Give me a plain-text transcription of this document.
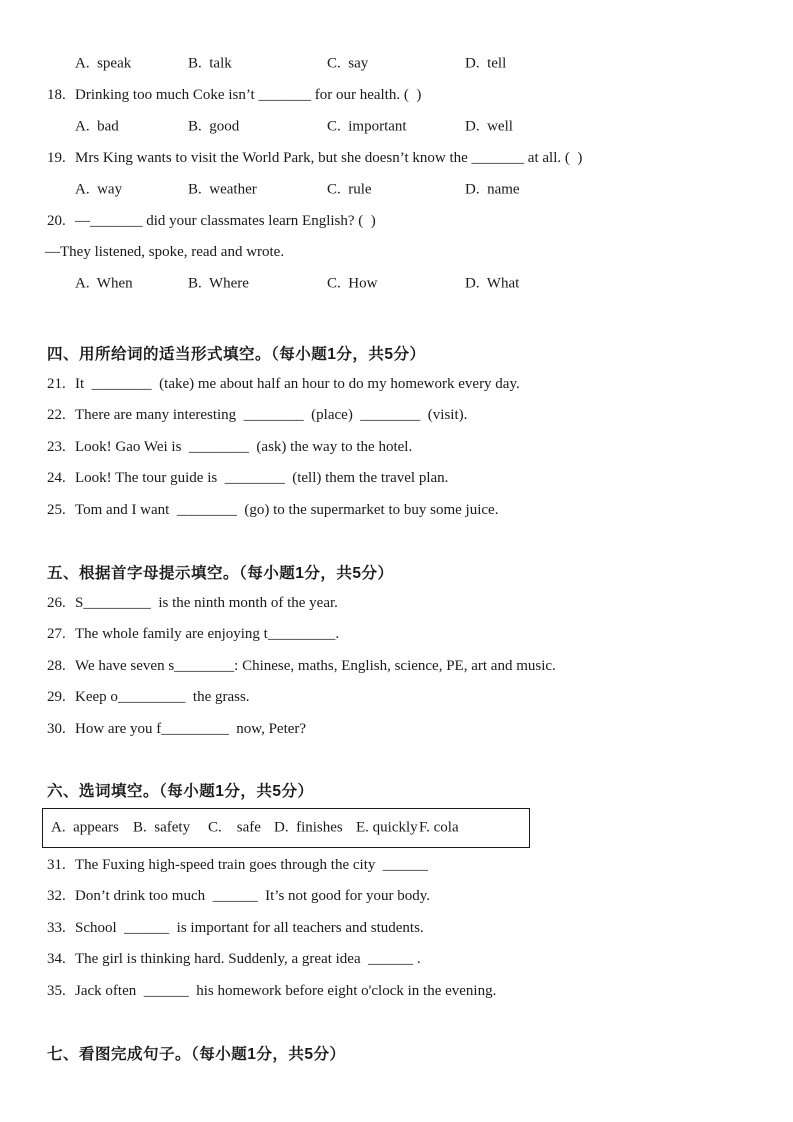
A.  speak	B.  talk	C.  say	D.  tell
18. Drinking too much Coke isn’t _______ for our health. (  )
A.  bad	B.  good	C.  important	D.  well
19. Mrs King wants to visit the World Park, but she doesn’t know the _______ at all. (  )
A.  way	B.  weather	C.  rule	D.  name
20. —_______ did your classmates learn English? (  )
—They listened, spoke, read and wrote.
A.  When	B.  Where	C.  How	D.  What
四、用所给词的适当形式填空。（每小题1分，共5分）
21. It  ________  (take) me about half an hour to do my homework every day.
22. There are many interesting  ________  (place)  ________  (visit).
23. Look! Gao Wei is  ________  (ask) the way to the hotel.
24. Look! The tour guide is  ________  (tell) them the travel plan.
25. Tom and I want  ________  (go) to the supermarket to buy some juice.
五、根据首字母提示填空。（每小题1分，共5分）
26. S_________  is the ninth month of the year.
27. The whole family are enjoying t_________.
28. We have seven s________: Chinese, maths, English, science, PE, art and music.
29. Keep o_________  the grass.
30. How are you f_________  now, Peter?
六、选词填空。（每小题1分，共5分）
A.  appears B.  safety C.    safe D.  finishes E. quickly F. cola
31. The Fuxing high-speed train goes through the city  ______
32. Don’t drink too much  ______  It’s not good for your body.
33. School  ______  is important for all teachers and students.
34. The girl is thinking hard. Suddenly, a great idea  ______ .
35. Jack often  ______  his homework before eight o'clock in the evening.
七、看图完成句子。（每小题1分，共5分）
